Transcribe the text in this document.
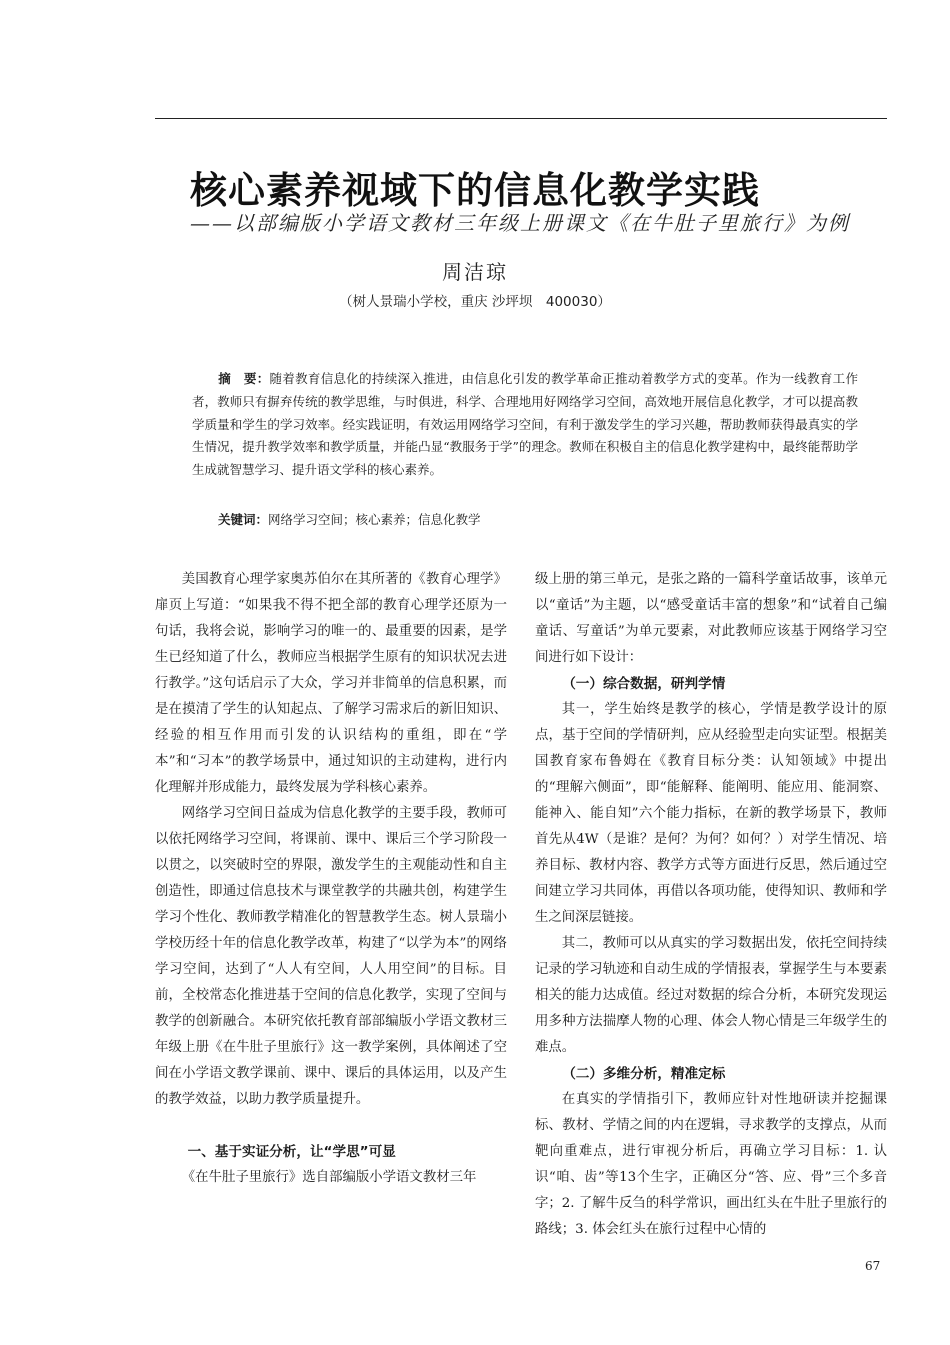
核心素养视域下的信息化教学实践
——以部编版小学语文教材三年级上册课文《在牛肚子里旅行》为例
周洁琼
（树人景瑞小学校，重庆 沙坪坝　400030）
摘　要：随着教育信息化的持续深入推进，由信息化引发的教学革命正推动着教学方式的变革。作为一线教育工作者，教师只有摒弃传统的教学思维，与时俱进，科学、合理地用好网络学习空间，高效地开展信息化教学，才可以提高教学质量和学生的学习效率。经实践证明，有效运用网络学习空间，有利于激发学生的学习兴趣，帮助教师获得最真实的学生情况，提升教学效率和教学质量，并能凸显“教服务于学”的理念。教师在积极自主的信息化教学建构中，最终能帮助学生成就智慧学习、提升语文学科的核心素养。
关键词：网络学习空间；核心素养；信息化教学

美国教育心理学家奥苏伯尔在其所著的《教育心理学》扉页上写道：“如果我不得不把全部的教育心理学还原为一句话，我将会说，影响学习的唯一的、最重要的因素，是学生已经知道了什么，教师应当根据学生原有的知识状况去进行教学。”这句话启示了大众，学习并非简单的信息积累，而是在摸清了学生的认知起点、了解学习需求后的新旧知识、经验的相互作用而引发的认识结构的重组，即在“学本”和“习本”的教学场景中，通过知识的主动建构，进行内化理解并形成能力，最终发展为学科核心素养。

网络学习空间日益成为信息化教学的主要手段，教师可以依托网络学习空间，将课前、课中、课后三个学习阶段一以贯之，以突破时空的界限，激发学生的主观能动性和自主创造性，即通过信息技术与课堂教学的共融共创，构建学生学习个性化、教师教学精准化的智慧教学生态。树人景瑞小学校历经十年的信息化教学改革，构建了“以学为本”的网络学习空间，达到了“人人有空间，人人用空间”的目标。目前，全校常态化推进基于空间的信息化教学，实现了空间与教学的创新融合。本研究依托教育部部编版小学语文教材三年级上册《在牛肚子里旅行》这一教学案例，具体阐述了空间在小学语文教学课前、课中、课后的具体运用，以及产生的教学效益，以助力教学质量提升。

一、基于实证分析，让“学思”可显

《在牛肚子里旅行》选自部编版小学语文教材三年

级上册的第三单元，是张之路的一篇科学童话故事，该单元以“童话”为主题，以“感受童话丰富的想象”和“试着自己编童话、写童话”为单元要素，对此教师应该基于网络学习空间进行如下设计：

（一）综合数据，研判学情

其一，学生始终是教学的核心，学情是教学设计的原点，基于空间的学情研判，应从经验型走向实证型。根据美国教育家布鲁姆在《教育目标分类：认知领域》中提出的“理解六侧面”，即“能解释、能阐明、能应用、能洞察、能神入、能自知”六个能力指标，在新的教学场景下，教师首先从4W（是谁？是何？为何？如何？）对学生情况、培养目标、教材内容、教学方式等方面进行反思，然后通过空间建立学习共同体，再借以各项功能，使得知识、教师和学生之间深层链接。

其二，教师可以从真实的学习数据出发，依托空间持续记录的学习轨迹和自动生成的学情报表，掌握学生与本要素相关的能力达成值。经过对数据的综合分析，本研究发现运用多种方法揣摩人物的心理、体会人物心情是三年级学生的难点。

（二）多维分析，精准定标

在真实的学情指引下，教师应针对性地研读并挖掘课标、教材、学情之间的内在逻辑，寻求教学的支撑点，从而靶向重难点，进行审视分析后，再确立学习目标：1. 认识“咱、齿”等13个生字，正确区分“答、应、骨”三个多音字；2. 了解牛反刍的科学常识，画出红头在牛肚子里旅行的路线；3. 体会红头在旅行过程中心情的

67
